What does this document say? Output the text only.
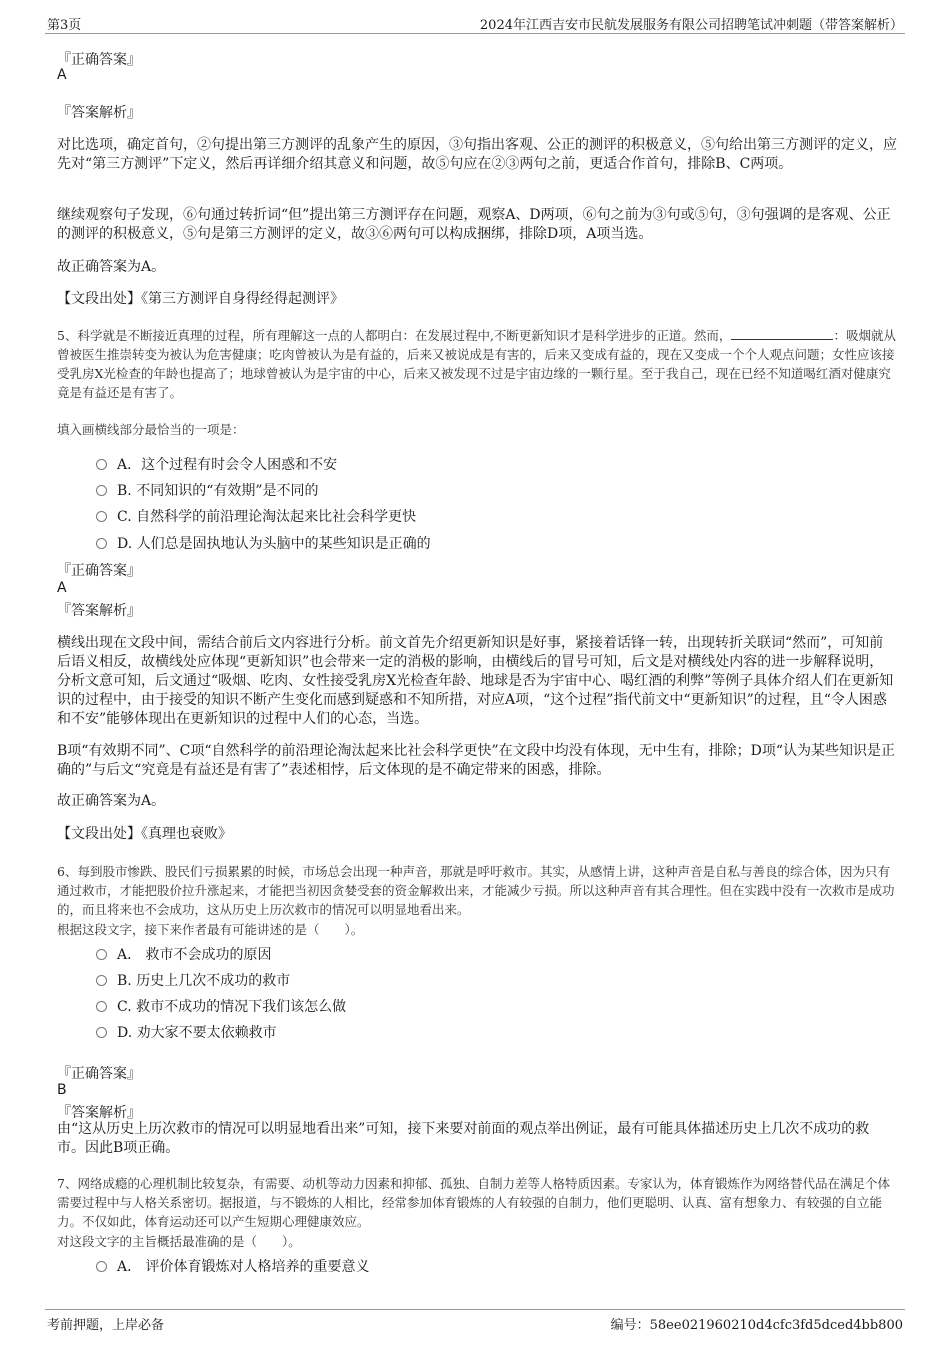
第3页	2024年江西吉安市民航发展服务有限公司招聘笔试冲刺题（带答案解析）
『正确答案』
A
『答案解析』

对比选项，确定首句，②句提出第三方测评的乱象产生的原因，③句指出客观、公正的测评的积极意义，⑤句给出第三方测评的定义，应先对“第三方测评”下定义，然后再详细介绍其意义和问题，故⑤句应在②③两句之前，更适合作首句，排除B、C两项。

继续观察句子发现，⑥句通过转折词“但”提出第三方测评存在问题，观察A、D两项，⑥句之前为③句或⑤句，③句强调的是客观、公正的测评的积极意义，⑤句是第三方测评的定义，故③⑥两句可以构成捆绑，排除D项，A项当选。

故正确答案为A。

【文段出处】《第三方测评自身得经得起测评》

5、科学就是不断接近真理的过程，所有理解这一点的人都明白：在发展过程中,不断更新知识才是科学进步的正道。然而，	：吸烟就从曾被医生推崇转变为被认为危害健康；吃肉曾被认为是有益的，后来又被说成是有害的，后来又变成有益的，现在又变成一个个人观点问题；女性应该接受乳房X光检查的年龄也提高了；地球曾被认为是宇宙的中心，后来又被发现不过是宇宙边缘的一颗行星。至于我自己，现在已经不知道喝红酒对健康究竟是有益还是有害了。

填入画横线部分最恰当的一项是：

A．这个过程有时会令人困惑和不安
B. 不同知识的“有效期”是不同的
C. 自然科学的前沿理论淘汰起来比社会科学更快
D. 人们总是固执地认为头脑中的某些知识是正确的
『正确答案』
A
『答案解析』

横线出现在文段中间，需结合前后文内容进行分析。前文首先介绍更新知识是好事，紧接着话锋一转，出现转折关联词“然而”，可知前后语义相反，故横线处应体现“更新知识”也会带来一定的消极的影响，由横线后的冒号可知，后文是对横线处内容的进一步解释说明，分析文意可知，后文通过“吸烟、吃肉、女性接受乳房X光检查年龄、地球是否为宇宙中心、喝红酒的利弊”等例子具体介绍人们在更新知识的过程中，由于接受的知识不断产生变化而感到疑惑和不知所措，对应A项，“这个过程”指代前文中“更新知识”的过程，且“令人困惑和不安”能够体现出在更新知识的过程中人们的心态，当选。

B项“有效期不同”、C项“自然科学的前沿理论淘汰起来比社会科学更快”在文段中均没有体现，无中生有，排除；D项“认为某些知识是正确的”与后文“究竟是有益还是有害了”表述相悖，后文体现的是不确定带来的困惑，排除。

故正确答案为A。

【文段出处】《真理也衰败》

6、每到股市惨跌、股民们亏损累累的时候，市场总会出现一种声音，那就是呼吁救市。其实，从感情上讲，这种声音是自私与善良的综合体，因为只有通过救市，才能把股价拉升涨起来，才能把当初因贪婪受套的资金解救出来，才能减少亏损。所以这种声音有其合理性。但在实践中没有一次救市是成功的，而且将来也不会成功，这从历史上历次救市的情况可以明显地看出来。

根据这段文字，接下来作者最有可能讲述的是（　　）。

A． 救市不会成功的原因
B. 历史上几次不成功的救市
C. 救市不成功的情况下我们该怎么做
D. 劝大家不要太依赖救市
『正确答案』
B
『答案解析』

由“这从历史上历次救市的情况可以明显地看出来”可知，接下来要对前面的观点举出例证，最有可能具体描述历史上几次不成功的救市。因此B项正确。

7、网络成瘾的心理机制比较复杂，有需要、动机等动力因素和抑郁、孤独、自制力差等人格特质因素。专家认为，体育锻炼作为网络替代品在满足个体需要过程中与人格关系密切。据报道，与不锻炼的人相比，经常参加体育锻炼的人有较强的自制力，他们更聪明、认真、富有想象力、有较强的自立能力。不仅如此，体育运动还可以产生短期心理健康效应。

对这段文字的主旨概括最准确的是（　　）。

A． 评价体育锻炼对人格培养的重要意义
考前押题，上岸必备	编号：58ee021960210d4cfc3fd5dced4bb800
